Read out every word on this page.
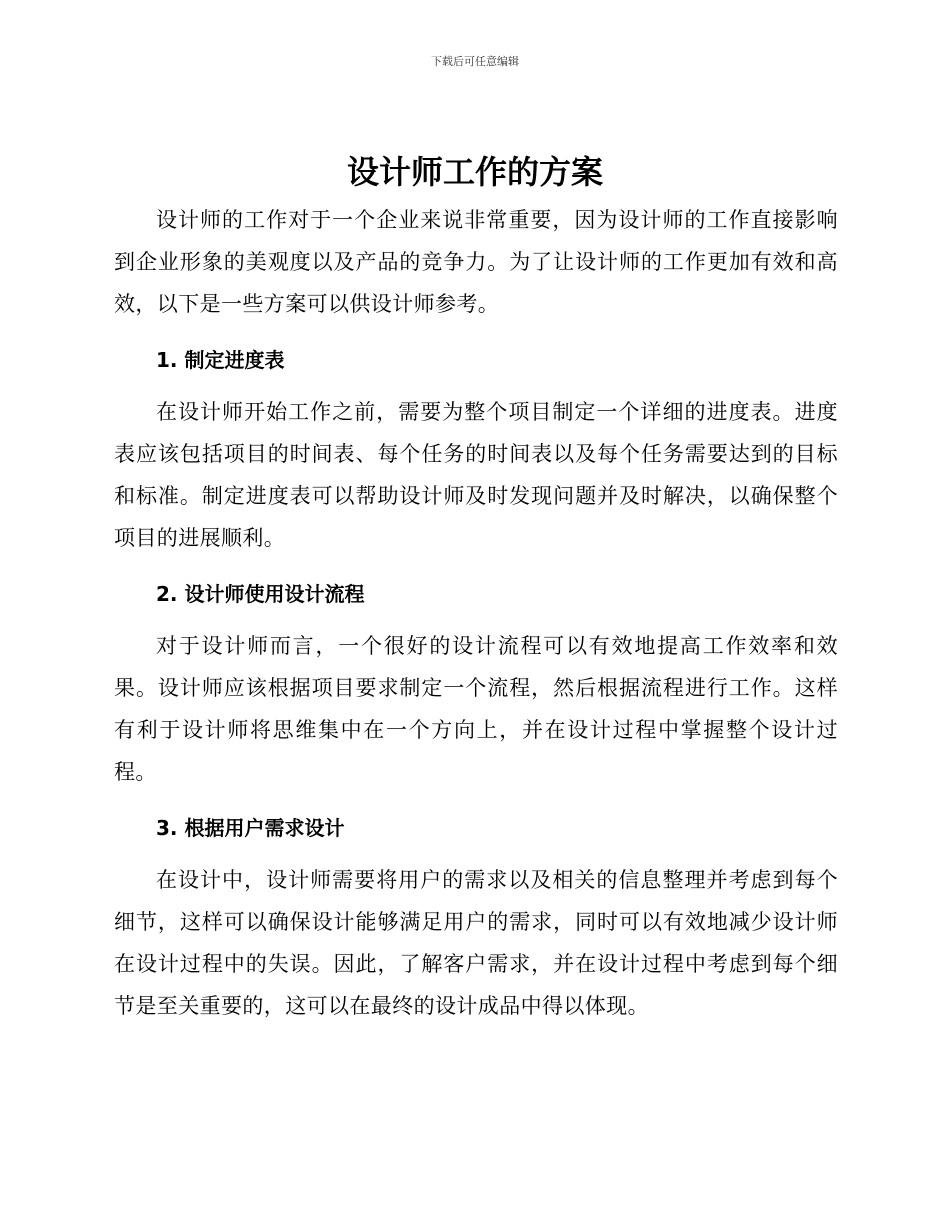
下载后可任意编辑
设计师工作的方案

设计师的工作对于一个企业来说非常重要，因为设计师的工作直接影响到企业形象的美观度以及产品的竞争力。为了让设计师的工作更加有效和高效，以下是一些方案可以供设计师参考。

1. 制定进度表

在设计师开始工作之前，需要为整个项目制定一个详细的进度表。进度表应该包括项目的时间表、每个任务的时间表以及每个任务需要达到的目标和标准。制定进度表可以帮助设计师及时发现问题并及时解决，以确保整个项目的进展顺利。

2. 设计师使用设计流程

对于设计师而言，一个很好的设计流程可以有效地提高工作效率和效果。设计师应该根据项目要求制定一个流程，然后根据流程进行工作。这样有利于设计师将思维集中在一个方向上，并在设计过程中掌握整个设计过程。

3. 根据用户需求设计

在设计中，设计师需要将用户的需求以及相关的信息整理并考虑到每个细节，这样可以确保设计能够满足用户的需求，同时可以有效地减少设计师在设计过程中的失误。因此，了解客户需求，并在设计过程中考虑到每个细节是至关重要的，这可以在最终的设计成品中得以体现。
